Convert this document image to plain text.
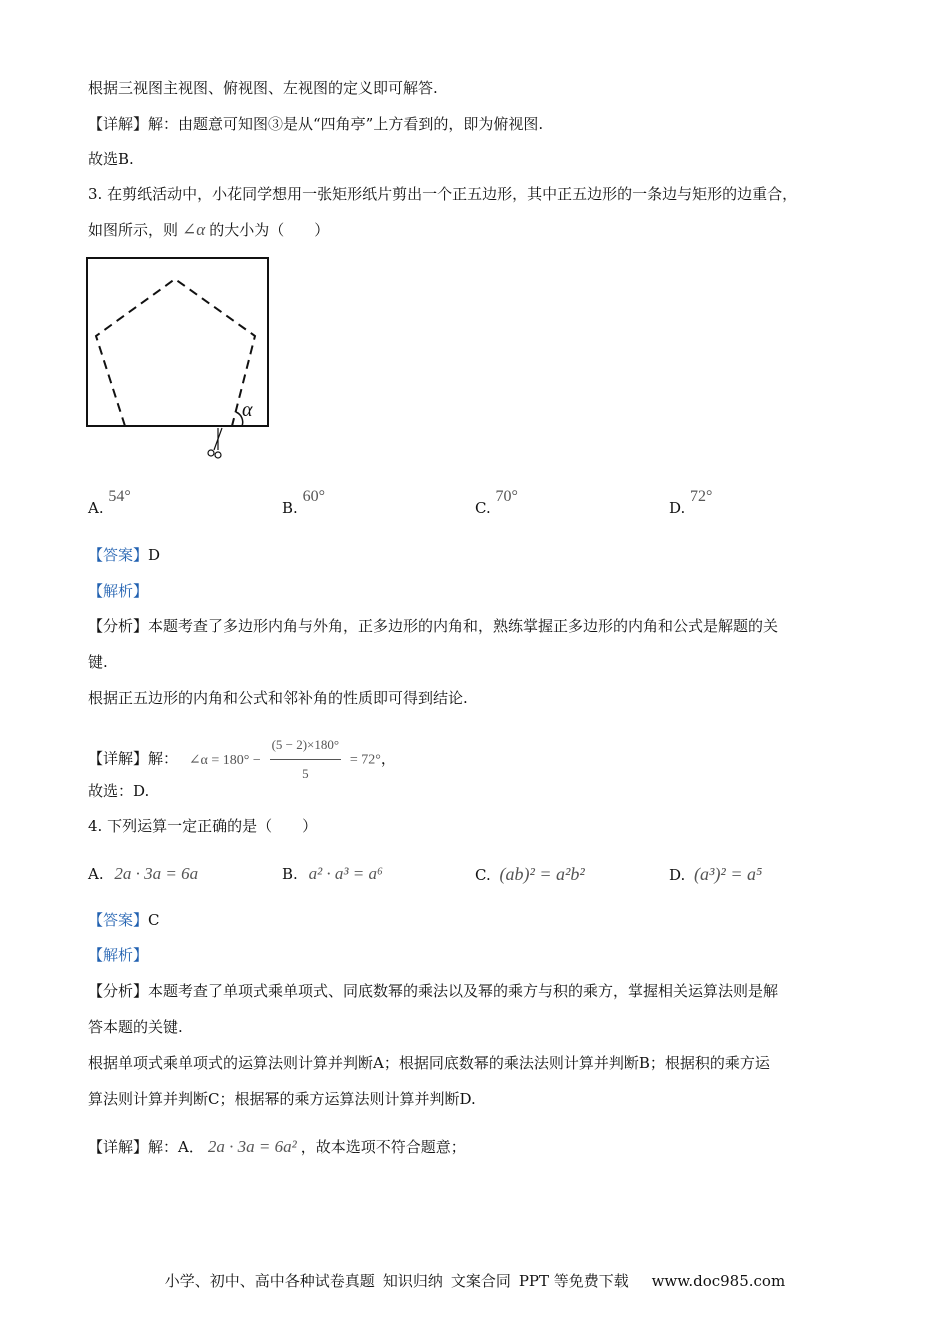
根据三视图主视图、俯视图、左视图的定义即可解答.
【详解】解：由题意可知图③是从“四角亭”上方看到的，即为俯视图.
故选B.
3. 在剪纸活动中，小花同学想用一张矩形纸片剪出一个正五边形，其中正五边形的一条边与矩形的边重合，
如图所示，则 ∠α 的大小为（　　）
α
A. 54°
B. 60°
C. 70°
D. 72°
【答案】D
【解析】
【分析】本题考查了多边形内角与外角，正多边形的内角和，熟练掌握正多边形的内角和公式是解题的关
键.
根据正五边形的内角和公式和邻补角的性质即可得到结论.
【详解】解： ∠α = $180^\circ - \frac{(5 - 2)\times 180^\circ}{5} = 72^\circ$，
故选：D.
4. 下列运算一定正确的是（　　）
A. 2a · 3a = 6a	B. a² · a³ = a⁶	C. (ab)² = a²b²	D. (a³)² = a⁵
【答案】C
【解析】
【分析】本题考查了单项式乘单项式、同底数幂的乘法以及幂的乘方与积的乘方，掌握相关运算法则是解
答本题的关键.
根据单项式乘单项式的运算法则计算并判断A；根据同底数幂的乘法法则计算并判断B；根据积的乘方运
算法则计算并判断C；根据幂的乘方运算法则计算并判断D.
【详解】解：A． 2a · 3a = 6a² ，故本选项不符合题意；
小学、初中、高中各种试卷真题 知识归纳 文案合同 PPT 等免费下载 www.doc985.com
